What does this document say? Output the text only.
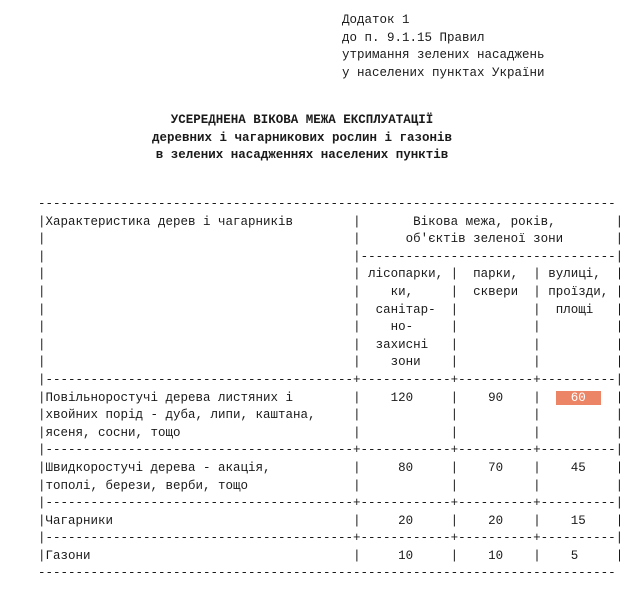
Додаток 1
до п. 9.1.15 Правил
утримання зелених насаджень
у населених пунктах України
УСЕРЕДНЕНА ВІКОВА МЕЖА ЕКСПЛУАТАЦІЇ
деревних і чагарникових рослин і газонів
в зелених насадженнях населених пунктів
-----------------------------------------------------------------------------
|Характеристика дерев і чагарників	|	Вікова межа, років,	|
|	|	об'єктів зеленої зони	|
|	|----------------------------------|
|	| лісопарки, | парки, | вулиці, |
|	| ки,	| сквери | проїзди, |
|	| санітар- |	| площі |
|	| но-	|	|	|
|	| захисні |	|	|
|	| зони |	|	|
|-----------------------------------------+------------+----------+----------|
|Повільноростучі дерева листяних і	| 120	| 90 |    60    |
|хвойних порід - дуба, липи, каштана,	|            |          |          |
|ясеня, сосни, тощо	|            |          |          |
|-----------------------------------------+------------+----------+----------|
|Швидкоростучі дерева - акація,	|	80	| 70 | 45 |
|тополі, берези, верби, тощо	|            |          |          |
|-----------------------------------------+------------+----------+----------|
|Чагарники	|	20	| 20 | 15 |
|-----------------------------------------+------------+----------+----------|
|Газони	|	10	| 10 | 5	|
-----------------------------------------------------------------------------
